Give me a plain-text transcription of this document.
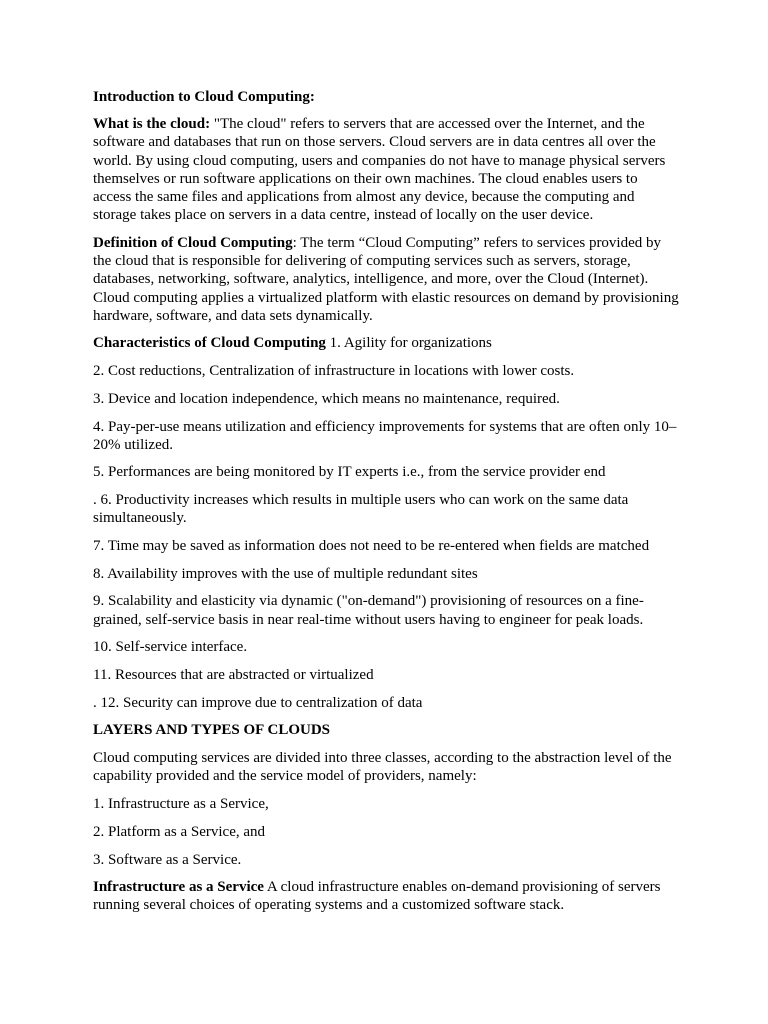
Introduction to Cloud Computing:

What is the cloud: "The cloud" refers to servers that are accessed over the Internet, and the software and databases that run on those servers. Cloud servers are in data centres all over the world. By using cloud computing, users and companies do not have to manage physical servers themselves or run software applications on their own machines. The cloud enables users to access the same files and applications from almost any device, because the computing and storage takes place on servers in a data centre, instead of locally on the user device.

Definition of Cloud Computing: The term “Cloud Computing” refers to services provided by the cloud that is responsible for delivering of computing services such as servers, storage, databases, networking, software, analytics, intelligence, and more, over the Cloud (Internet). Cloud computing applies a virtualized platform with elastic resources on demand by provisioning hardware, software, and data sets dynamically.

Characteristics of Cloud Computing 1. Agility for organizations

2. Cost reductions, Centralization of infrastructure in locations with lower costs.

3. Device and location independence, which means no maintenance, required.

4. Pay-per-use means utilization and efficiency improvements for systems that are often only 10–20% utilized.

5. Performances are being monitored by IT experts i.e., from the service provider end

. 6. Productivity increases which results in multiple users who can work on the same data simultaneously.

7. Time may be saved as information does not need to be re-entered when fields are matched

8. Availability improves with the use of multiple redundant sites

9. Scalability and elasticity via dynamic ("on-demand") provisioning of resources on a fine-grained, self-service basis in near real-time without users having to engineer for peak loads.

10. Self-service interface.

11. Resources that are abstracted or virtualized

. 12. Security can improve due to centralization of data

LAYERS AND TYPES OF CLOUDS

Cloud computing services are divided into three classes, according to the abstraction level of the capability provided and the service model of providers, namely:

1. Infrastructure as a Service,

2. Platform as a Service, and

3. Software as a Service.

Infrastructure as a Service A cloud infrastructure enables on-demand provisioning of servers running several choices of operating systems and a customized software stack.
